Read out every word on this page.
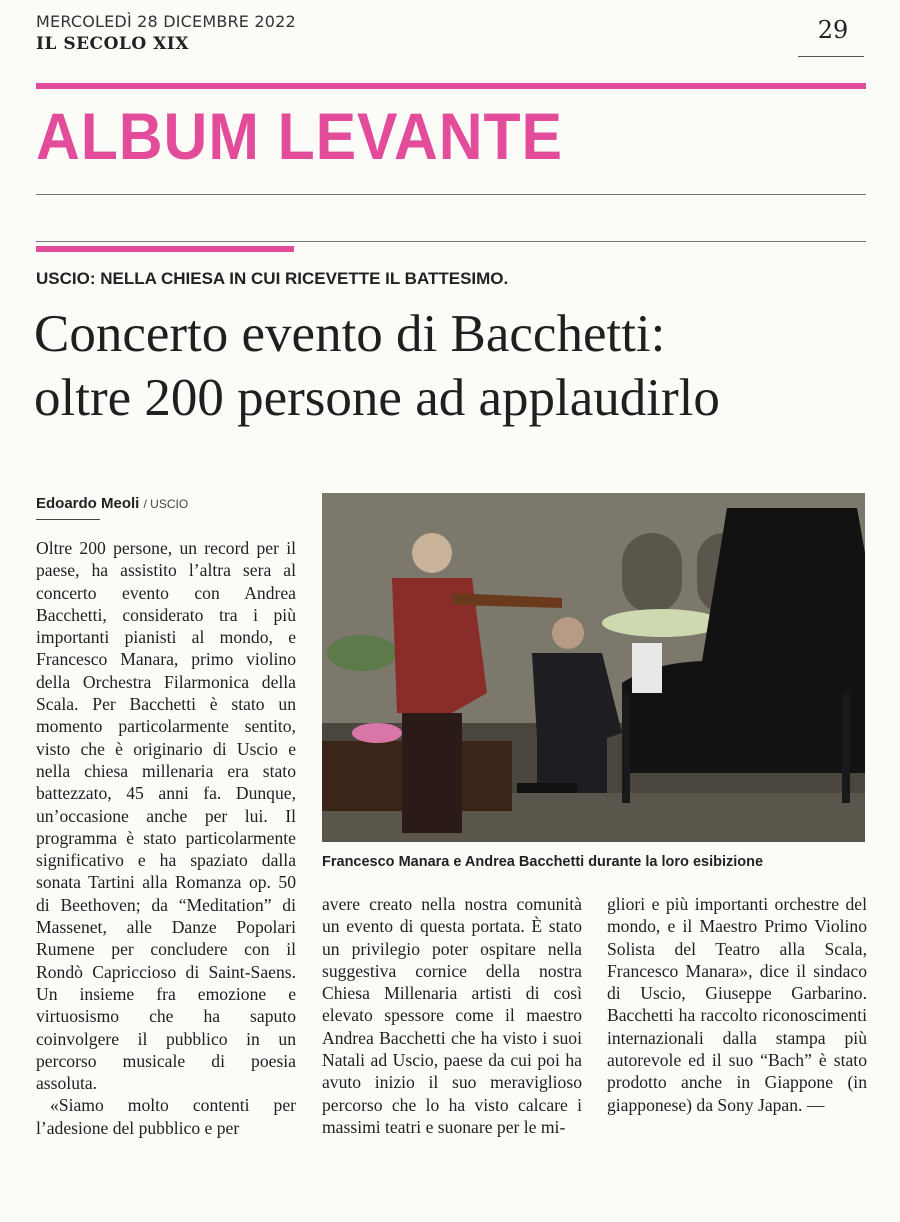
MERCOLEDÌ 28 DICEMBRE 2022
IL SECOLO XIX	29
ALBUM LEVANTE
USCIO: NELLA CHIESA IN CUI RICEVETTE IL BATTESIMO.
Concerto evento di Bacchetti:
oltre 200 persone ad applaudirlo
Edoardo Meoli / USCIO
Francesco Manara e Andrea Bacchetti durante la loro esibizione

Oltre 200 persone, un record per il paese, ha assistito l’altra sera al concerto evento con Andrea Bacchetti, considerato tra i più importanti pianisti al mondo, e Francesco Manara, primo violino della Orchestra Filarmonica della Scala. Per Bacchetti è stato un momento particolarmente sentito, visto che è originario di Uscio e nella chiesa millenaria era stato battezzato, 45 anni fa. Dunque, un’occasione anche per lui. Il programma è stato particolarmente significativo e ha spaziato dalla sonata Tartini alla Romanza op. 50 di Beethoven; da “Meditation” di Massenet, alle Danze Popolari Rumene per concludere con il Rondò Capriccioso di Saint-Saens. Un insieme fra emozione e virtuosismo che ha saputo coinvolgere il pubblico in un percorso musicale di poesia assoluta.

«Siamo molto contenti per l’adesione del pubblico e per

avere creato nella nostra comunità un evento di questa portata. È stato un privilegio poter ospitare nella suggestiva cornice della nostra Chiesa Millenaria artisti di così elevato spessore come il maestro Andrea Bacchetti che ha visto i suoi Natali ad Uscio, paese da cui poi ha avuto inizio il suo meraviglioso percorso che lo ha visto calcare i massimi teatri e suonare per le mi-

gliori e più importanti orchestre del mondo, e il Maestro Primo Violino Solista del Teatro alla Scala, Francesco Manara», dice il sindaco di Uscio, Giuseppe Garbarino. Bacchetti ha raccolto riconoscimenti internazionali dalla stampa più autorevole ed il suo “Bach” è stato prodotto anche in Giappone (in giapponese) da Sony Japan. —
